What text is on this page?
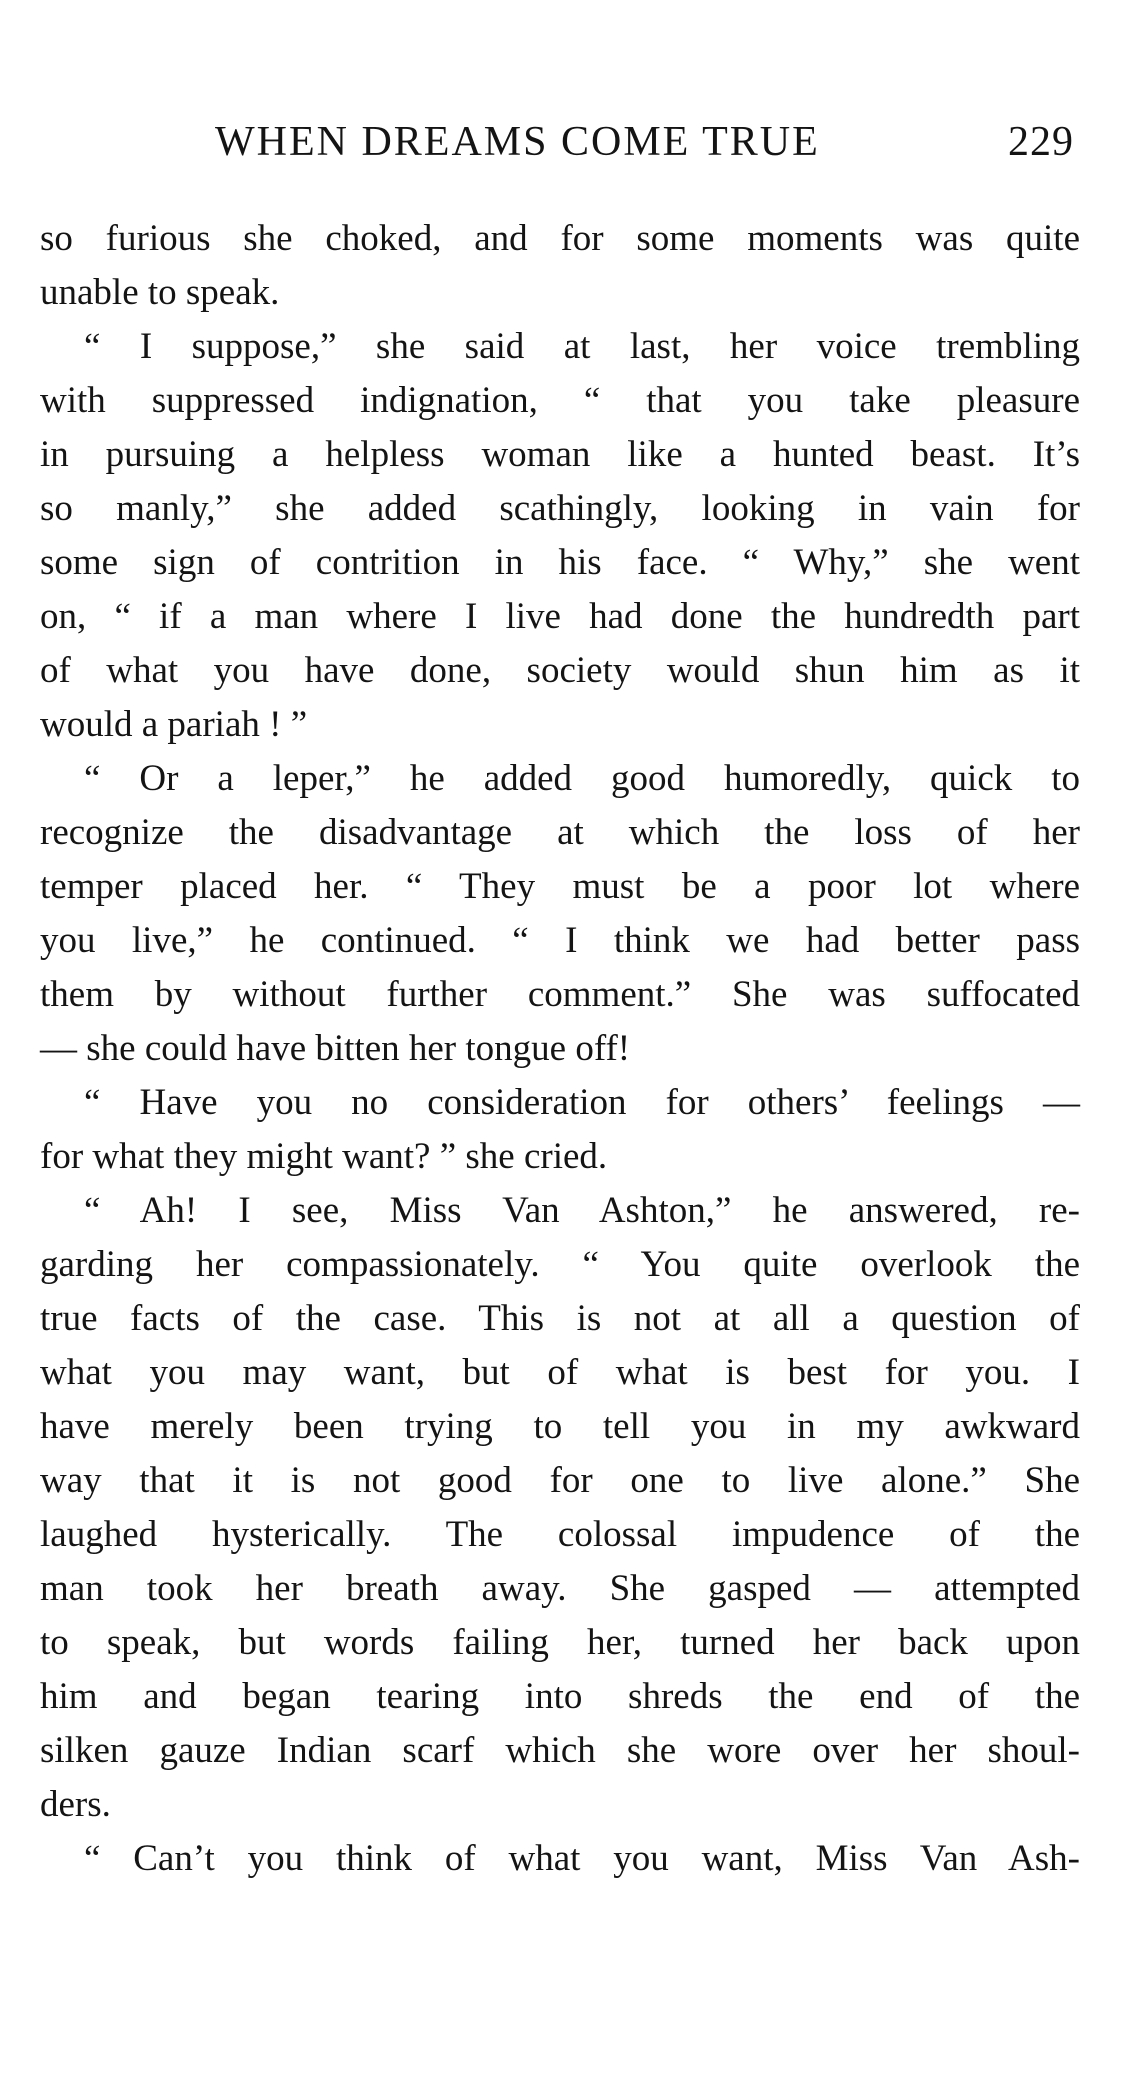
WHEN DREAMS COME TRUE	229
so furious she choked, and for some moments was quite
unable to speak.
“ I suppose,” she said at last, her voice trembling
with suppressed indignation, “ that you take pleasure
in pursuing a helpless woman like a hunted beast. It’s
so manly,” she added scathingly, looking in vain for
some sign of contrition in his face. “ Why,” she went
on, “ if a man where I live had done the hundredth part
of what you have done, society would shun him as it
would a pariah ! ”
“ Or a leper,” he added good humoredly, quick to
recognize the disadvantage at which the loss of her
temper placed her. “ They must be a poor lot where
you live,” he continued. “ I think we had better pass
them by without further comment.” She was suffocated
— she could have bitten her tongue off!
“ Have you no consideration for others’ feelings —
for what they might want? ” she cried.
“ Ah! I see, Miss Van Ashton,” he answered, re-
garding her compassionately. “ You quite overlook the
true facts of the case. This is not at all a question of
what you may want, but of what is best for you. I
have merely been trying to tell you in my awkward
way that it is not good for one to live alone.” She
laughed hysterically. The colossal impudence of the
man took her breath away. She gasped — attempted
to speak, but words failing her, turned her back upon
him and began tearing into shreds the end of the
silken gauze Indian scarf which she wore over her shoul-
ders.
“ Can’t you think of what you want, Miss Van Ash-
